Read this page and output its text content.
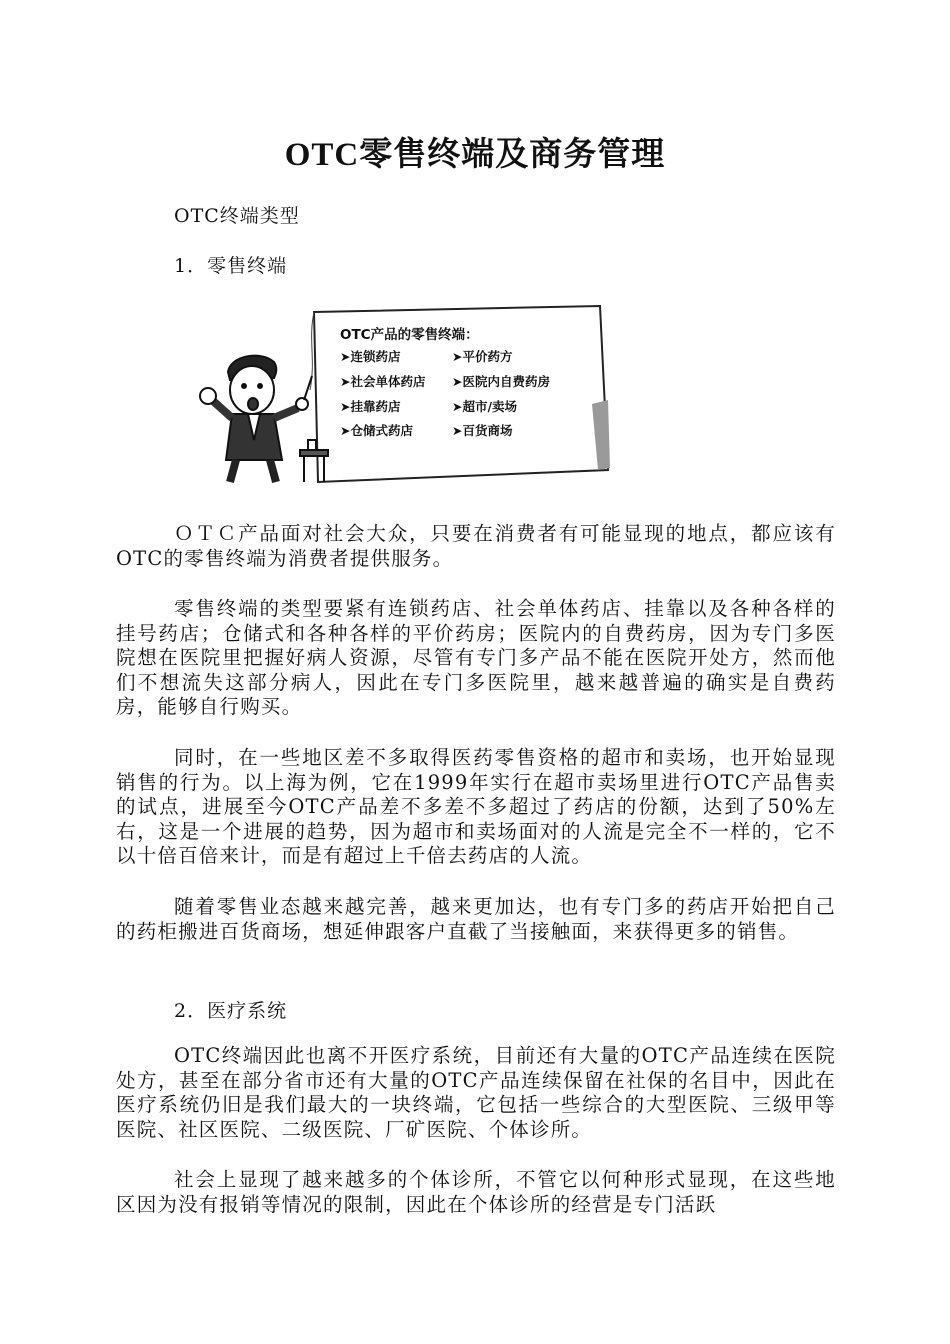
OTC零售终端及商务管理

OTC终端类型

1．零售终端

OTC产品的零售终端：
➤连锁药店
➤社会单体药店
➤挂靠药店
➤仓储式药店
➤平价药方
➤医院内自费药房
➤超市/卖场
➤百货商场

ＯＴＣ产品面对社会大众，只要在消费者有可能显现的地点，都应该有OTC的零售终端为消费者提供服务。

零售终端的类型要紧有连锁药店、社会单体药店、挂靠以及各种各样的挂号药店；仓储式和各种各样的平价药房；医院内的自费药房，因为专门多医院想在医院里把握好病人资源，尽管有专门多产品不能在医院开处方，然而他们不想流失这部分病人，因此在专门多医院里，越来越普遍的确实是自费药房，能够自行购买。

同时，在一些地区差不多取得医药零售资格的超市和卖场，也开始显现销售的行为。以上海为例，它在1999年实行在超市卖场里进行OTC产品售卖的试点，进展至今OTC产品差不多差不多超过了药店的份额，达到了50%左右，这是一个进展的趋势，因为超市和卖场面对的人流是完全不一样的，它不以十倍百倍来计，而是有超过上千倍去药店的人流。

随着零售业态越来越完善，越来更加达，也有专门多的药店开始把自己的药柜搬进百货商场，想延伸跟客户直截了当接触面，来获得更多的销售。

2．医疗系统

OTC终端因此也离不开医疗系统，目前还有大量的OTC产品连续在医院处方，甚至在部分省市还有大量的OTC产品连续保留在社保的名目中，因此在医疗系统仍旧是我们最大的一块终端，它包括一些综合的大型医院、三级甲等医院、社区医院、二级医院、厂矿医院、个体诊所。

社会上显现了越来越多的个体诊所，不管它以何种形式显现，在这些地区因为没有报销等情况的限制，因此在个体诊所的经营是专门活跃
